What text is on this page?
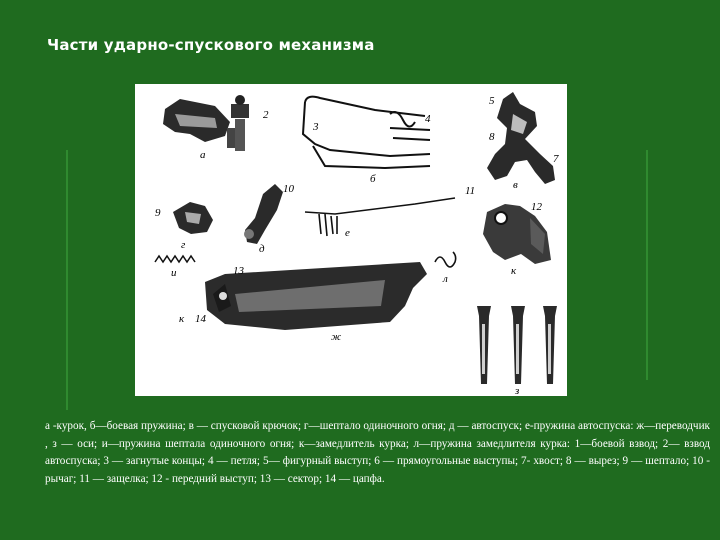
Части ударно-спускового механизма
а
2
3
4
б
5
7
8
в
9
г
10
д
и
е
л
11
12
к
13
к 14
ж
з
а -курок, б—боевая пружина; в — спусковой крючок; г—шептало одиночного огня; д — автоспуск; е-пружина автоспуска: ж—переводчик , з — оси; и—пружина шептала одиночного огня; к—замедлитель курка; л—пружина замедлителя курка: 1—боевой взвод; 2— взвод автоспуска; 3 — загнутые концы; 4 — петля; 5— фигурный выступ; 6 — прямоугольные выступы; 7- хвост; 8 — вырез; 9 — шептало; 10 - рычаг; 11 — защелка; 12 - передний выступ; 13 — сектор; 14 — цапфа.
